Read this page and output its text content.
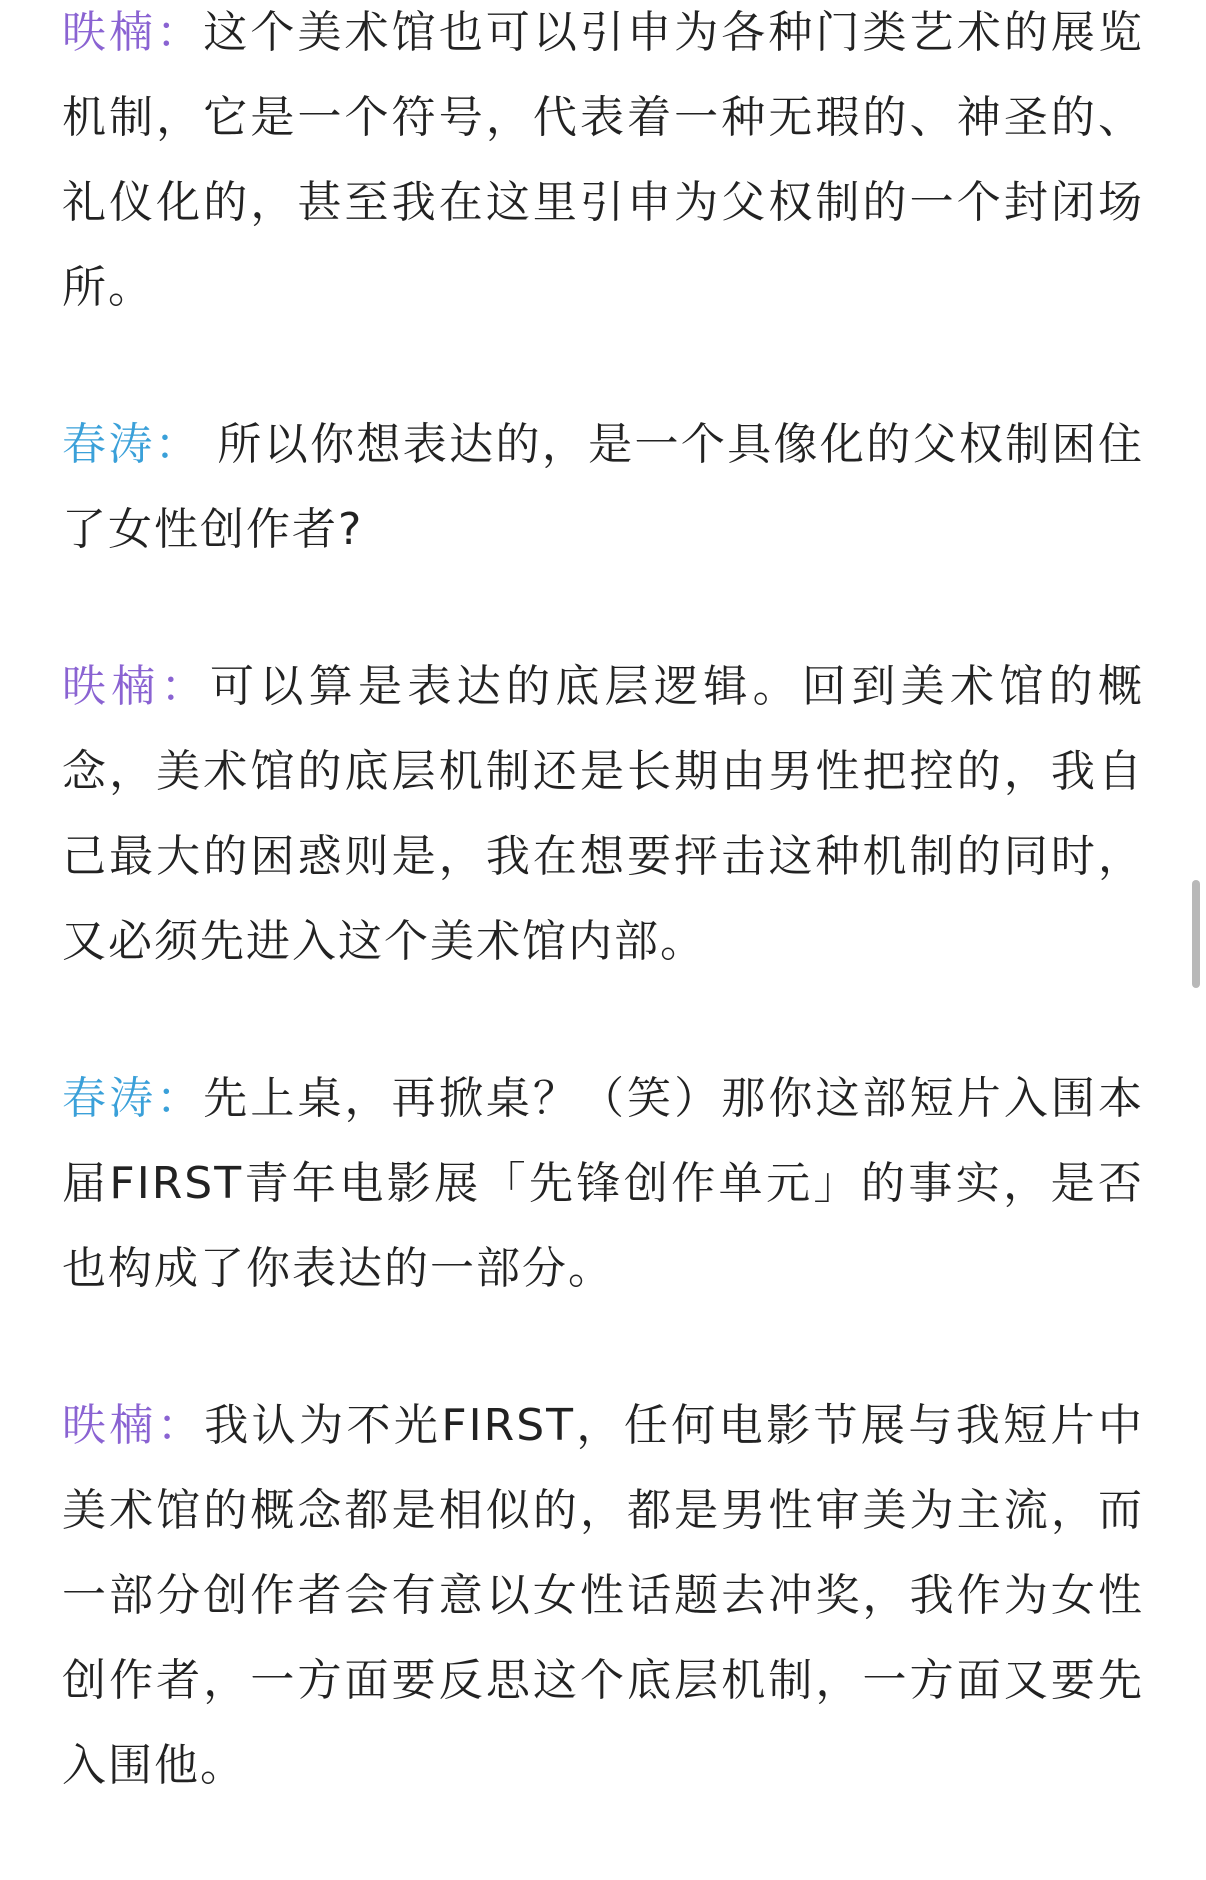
昳楠：这个美术馆也可以引申为各种门类艺术的展览机制，它是一个符号，代表着一种无瑕的、神圣的、礼仪化的，甚至我在这里引申为父权制的一个封闭场所。

春涛： 所以你想表达的，是一个具像化的父权制困住了女性创作者?

昳楠：可以算是表达的底层逻辑。回到美术馆的概念，美术馆的底层机制还是长期由男性把控的，我自己最大的困惑则是，我在想要抨击这种机制的同时，又必须先进入这个美术馆内部。

春涛：先上桌，再掀桌？（笑）那你这部短片入围本届FIRST青年电影展「先锋创作单元」的事实，是否也构成了你表达的一部分。

昳楠：我认为不光FIRST，任何电影节展与我短片中美术馆的概念都是相似的，都是男性审美为主流，而一部分创作者会有意以女性话题去冲奖，我作为女性创作者，一方面要反思这个底层机制，一方面又要先入围他。
